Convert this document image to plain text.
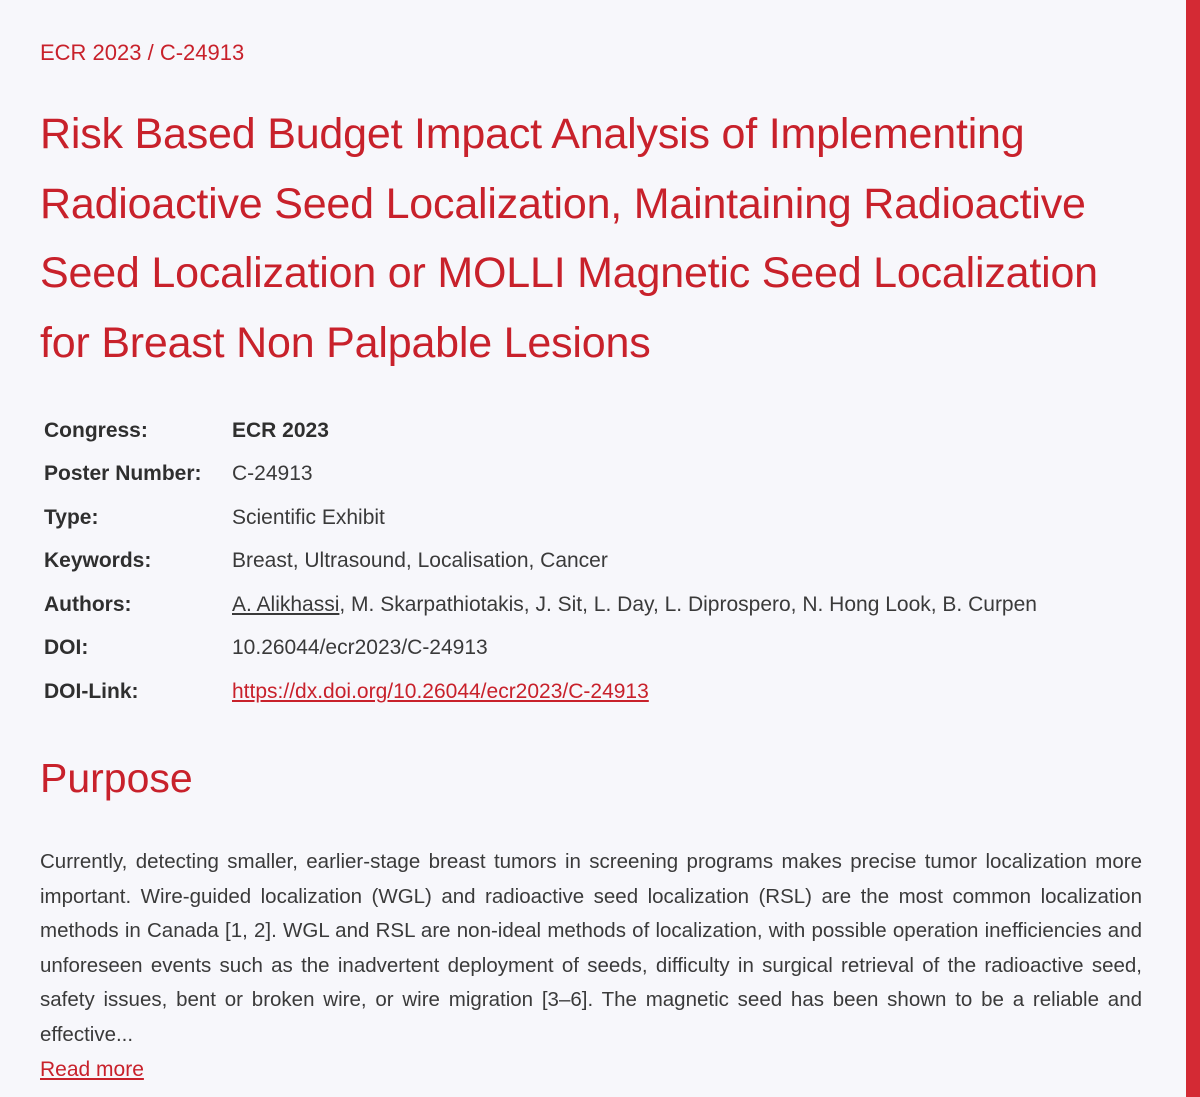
ECR 2023 / C-24913
Risk Based Budget Impact Analysis of Implementing Radioactive Seed Localization, Maintaining Radioactive Seed Localization or MOLLI Magnetic Seed Localization for Breast Non Palpable Lesions
Congress:	ECR 2023
Poster Number:	C-24913
Type:	Scientific Exhibit
Keywords:	Breast, Ultrasound, Localisation, Cancer
Authors:	A. Alikhassi, M. Skarpathiotakis, J. Sit, L. Day, L. Diprospero, N. Hong Look, B. Curpen
DOI:	10.26044/ecr2023/C-24913
DOI-Link:	https://dx.doi.org/10.26044/ecr2023/C-24913
Purpose

Currently, detecting smaller, earlier-stage breast tumors in screening programs makes precise tumor localization more important. Wire-guided localization (WGL) and radioactive seed localization (RSL) are the most common localization methods in Canada [1, 2]. WGL and RSL are non-ideal methods of localization, with possible operation inefficiencies and unforeseen events such as the inadvertent deployment of seeds, difficulty in surgical retrieval of the radioactive seed, safety issues, bent or broken wire, or wire migration [3–6]. The magnetic seed has been shown to be a reliable and effective...

Read more
